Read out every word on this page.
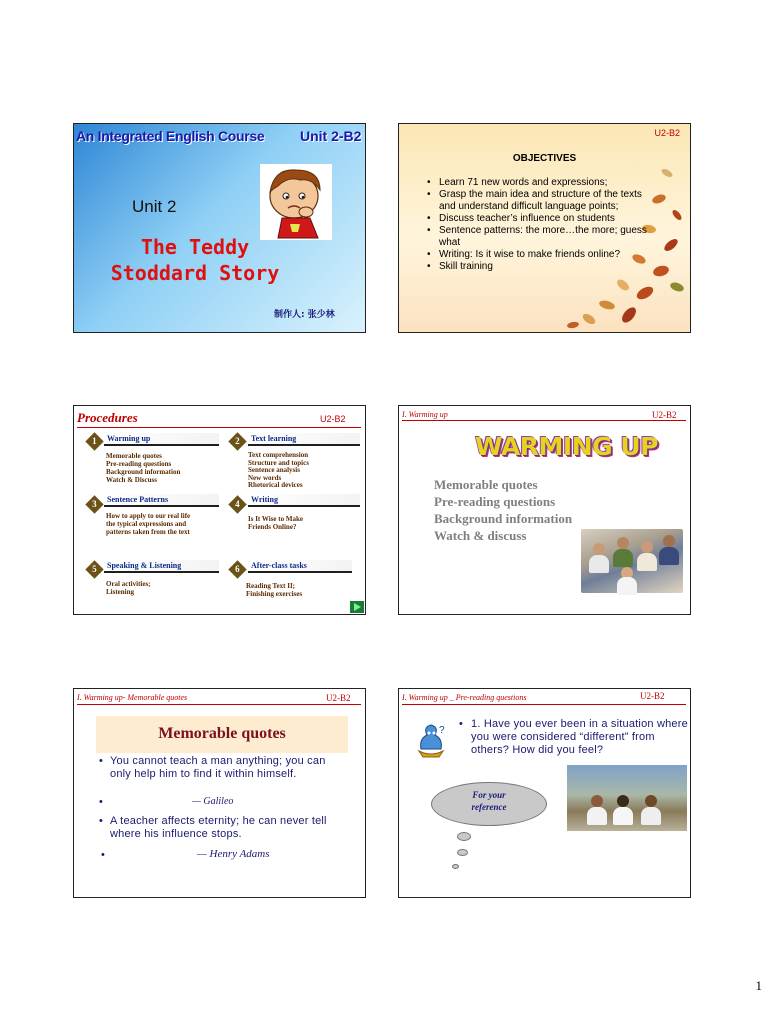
An Integrated English Course	Unit 2-B2
Unit 2
The Teddy
Stoddard Story
制作人: 张少林
U2-B2
OBJECTIVES
• Learn 71 new words and expressions;
• Grasp the main idea and structure of the texts and understand difficult language points;
• Discuss teacher’s influence on students
• Sentence patterns: the more…the more; guess what
• Writing: Is it wise to make friends online?
• Skill training
Procedures	U2-B2
1	Warming up
Memorable quotes
Pre-reading questions
Background information
Watch & Discuss
2	Text learning
Text comprehension
Structure and topics
Sentence analysis
New words
Rhetorical devices
3	Sentence Patterns
How to apply to our real life
the typical expressions and
patterns taken from the text
4	Writing
Is It Wise to Make
Friends Online?
5	Speaking & Listening
Oral activities;
Listening
6	After-class tasks
Reading Text II;
Finishing exercises
I. Warming up	U2-B2
WARMING UP
Memorable quotes
Pre-reading questions
Background information
Watch & discuss
I. Warming up- Memorable quotes	U2-B2
Memorable quotes
• You cannot teach a man anything; you can only help him to find it within himself.
•	— Galileo
• A teacher affects eternity; he can never tell where his influence stops.
•	— Henry Adams
I. Warming up _ Pre-reading questions	U2-B2
?
• 1. Have you ever been in a situation where you were considered “different” from others? How did you feel?
For your
reference
1
